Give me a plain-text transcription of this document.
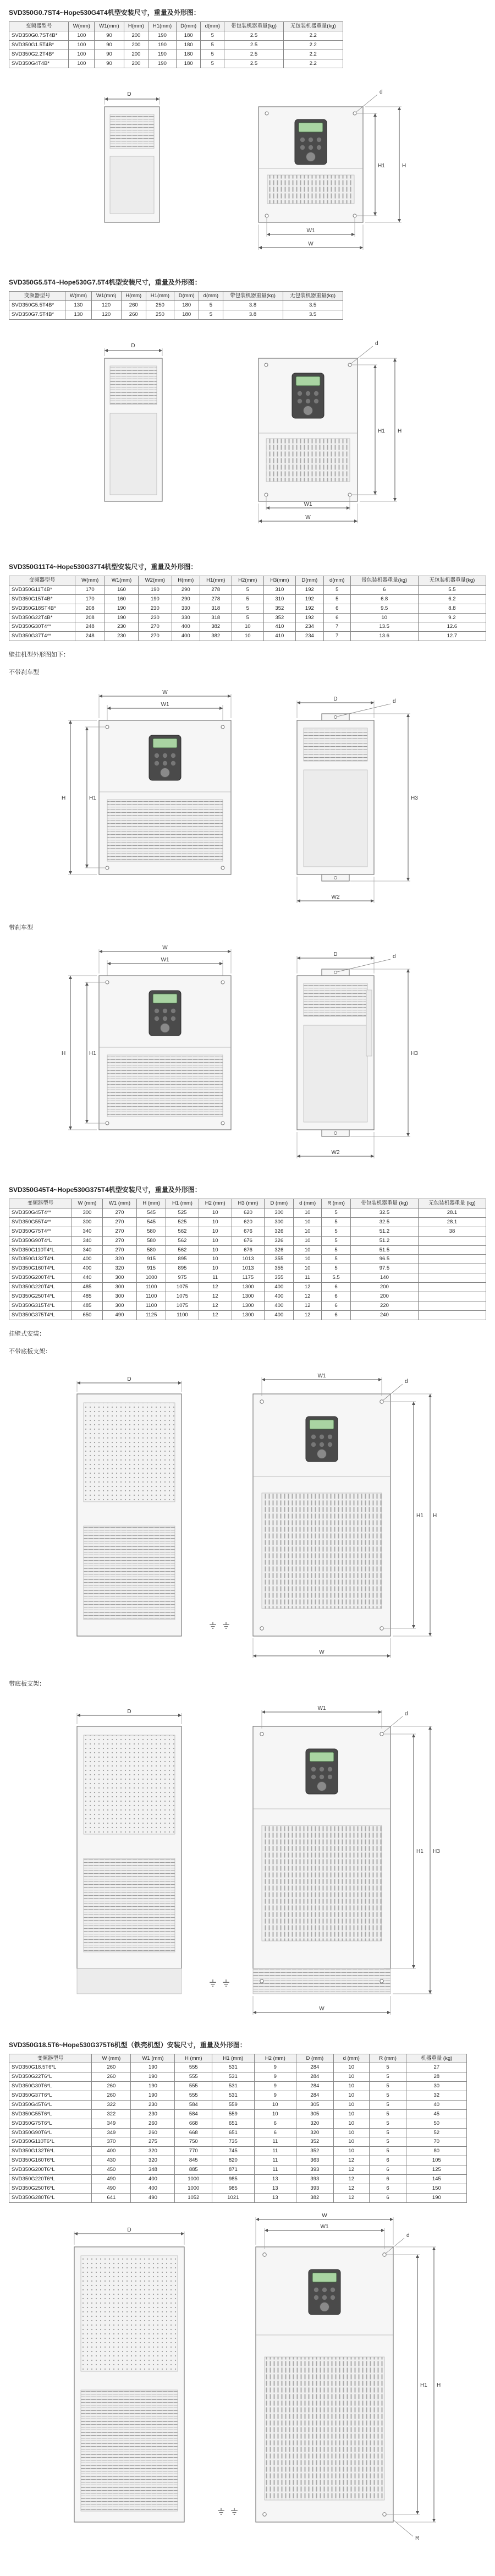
SVD350G0.7ST4~Hope530G4T4机型安装尺寸，重量及外形图：
变频器型号	W(mm)	W1(mm)	H(mm)	H1(mm)	D(mm)	d(mm)	带包装机器重量(kg)	无包装机器重量(kg)
SVD350G0.7ST4B*	100	90	200	190	180	5	2.5	2.2
SVD350G1.5T4B*	100	90	200	190	180	5	2.5	2.2
SVD350G2.2T4B*	100	90	200	190	180	5	2.5	2.2
SVD350G4T4B*	100	90	200	190	180	5	2.5	2.2
D	d
W1
W
H1	H
SVD350G5.5T4~Hope530G7.5T4机型安装尺寸，重量及外形图：
变频器型号	W(mm)	W1(mm)	H(mm)	H1(mm)	D(mm)	d(mm)	带包装机器重量(kg)	无包装机器重量(kg)
SVD350G5.5T4B*	130	120	260	250	180	5	3.8	3.5
SVD350G7.5T4B*	130	120	260	250	180	5	3.8	3.5
D	d
W1
W
H1 H
SVD350G11T4~Hope530G37T4机型安装尺寸，重量及外形图：
变频器型号	W(mm)	W1(mm)	W2(mm)	H(mm)	H1(mm)	H2(mm)	H3(mm)	D(mm)	d(mm)	带包装机器重量(kg)	无包装机器重量(kg)
SVD350G11T4B*	170	160	190	290	278	5	310	192	5	6	5.5
SVD350G15T4B*	170	160	190	290	278	5	310	192	5	6.8	6.2
SVD350G18ST4B*	208	190	230	330	318	5	352	192	6	9.5	8.8
SVD350G22T4B*	208	190	230	330	318	5	352	192	6	10	9.2
SVD350G30T4**	248	230	270	400	382	10	410	234	7	13.5	12.6
SVD350G37T4**	248	230	270	400	382	10	410	234	7	13.6	12.7
壁挂机型外形图如下：
不带刹车型
W
W1
H	H1
D	d
H3
W2
带刹车型
W
W1
H	H1
D	d
H3
W2
SVD350G45T4~Hope530G375T4机型安装尺寸，重量及外形图：
变频器型号	W (mm)	W1 (mm)	H (mm)	H1 (mm)	H2 (mm)	H3 (mm)	D (mm)	d (mm)	R (mm)	带包装机器重量 (kg)	无包装机器重量 (kg)
SVD350G45T4**	300	270	545	525	10	620	300	10	5	32.5	28.1
SVD350G55T4**	300	270	545	525	10	620	300	10	5	32.5	28.1
SVD350G75T4**	340	270	580	562	10	676	326	10	5	51.2	38
SVD350G90T4*L	340	270	580	562	10	676	326	10	5	51.2	
SVD350G110T4*L	340	270	580	562	10	676	326	10	5	51.5	
SVD350G132T4*L	400	320	915	895	10	1013	355	10	5	96.5	
SVD350G160T4*L	400	320	915	895	10	1013	355	10	5	97.5	
SVD350G200T4*L	440	300	1000	975	11	1175	355	11	5.5	140	
SVD350G220T4*L	485	300	1100	1075	12	1300	400	12	6	200	
SVD350G250T4*L	485	300	1100	1075	12	1300	400	12	6	200	
SVD350G315T4*L	485	300	1100	1075	12	1300	400	12	6	220	
SVD350G375T4*L	650	490	1125	1100	12	1300	400	12	6	240	
挂壁式安装：
不带底板支架：
D
W1
d
H1 H
W
带底板支架：
D
W1
d
H1 H3
W
SVD350G18.5T6~Hope530G375T6机型（铁壳机型）安装尺寸，重量及外形图：
变频器型号	W (mm)	W1 (mm)	H (mm)	H1 (mm)	H2 (mm)	D (mm)	d (mm)	R (mm)	机器重量 (kg)
SVD350G18.5T6*L	260	190	555	531	9	284	10	5	27
SVD350G22T6*L	260	190	555	531	9	284	10	5	28
SVD350G30T6*L	260	190	555	531	9	284	10	5	30
SVD350G37T6*L	260	190	555	531	9	284	10	5	32
SVD350G45T6*L	322	230	584	559	10	305	10	5	40
SVD350G55T6*L	322	230	584	559	10	305	10	5	45
SVD350G75T6*L	349	260	668	651	6	320	10	5	50
SVD350G90T6*L	349	260	668	651	6	320	10	5	52
SVD350G110T6*L	370	275	750	735	11	352	10	5	70
SVD350G132T6*L	400	320	770	745	11	352	10	5	80
SVD350G160T6*L	430	320	845	820	11	363	12	6	105
SVD350G200T6*L	450	348	885	871	11	393	12	6	125
SVD350G220T6*L	490	400	1000	985	13	393	12	6	145
SVD350G250T6*L	490	400	1000	985	13	393	12	6	150
SVD350G280T6*L	641	490	1052	1021	13	382	12	6	190
D
W
W1
d
H1 H
R
